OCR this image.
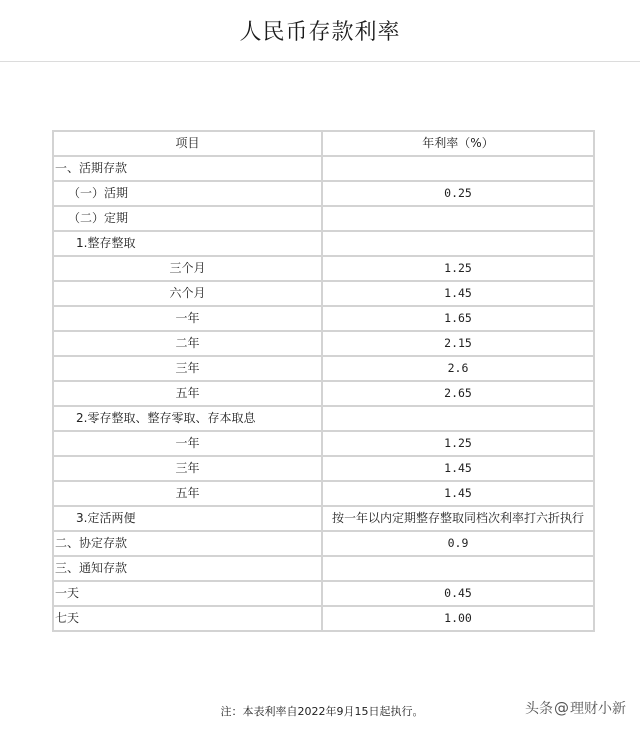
人民币存款利率
项目	年利率（%）
一、活期存款	
（一）活期	0.25
（二）定期	
1.整存整取	
三个月	1.25
六个月	1.45
一年	1.65
二年	2.15
三年	2.6
五年	2.65
2.零存整取、整存零取、存本取息	
一年	1.25
三年	1.45
五年	1.45
3.定活两便	按一年以内定期整存整取同档次利率打六折执行
二、协定存款	0.9
三、通知存款	
一天	0.45
七天	1.00
注：本表利率自2022年9月15日起执行。	头条 @ 理财小新
